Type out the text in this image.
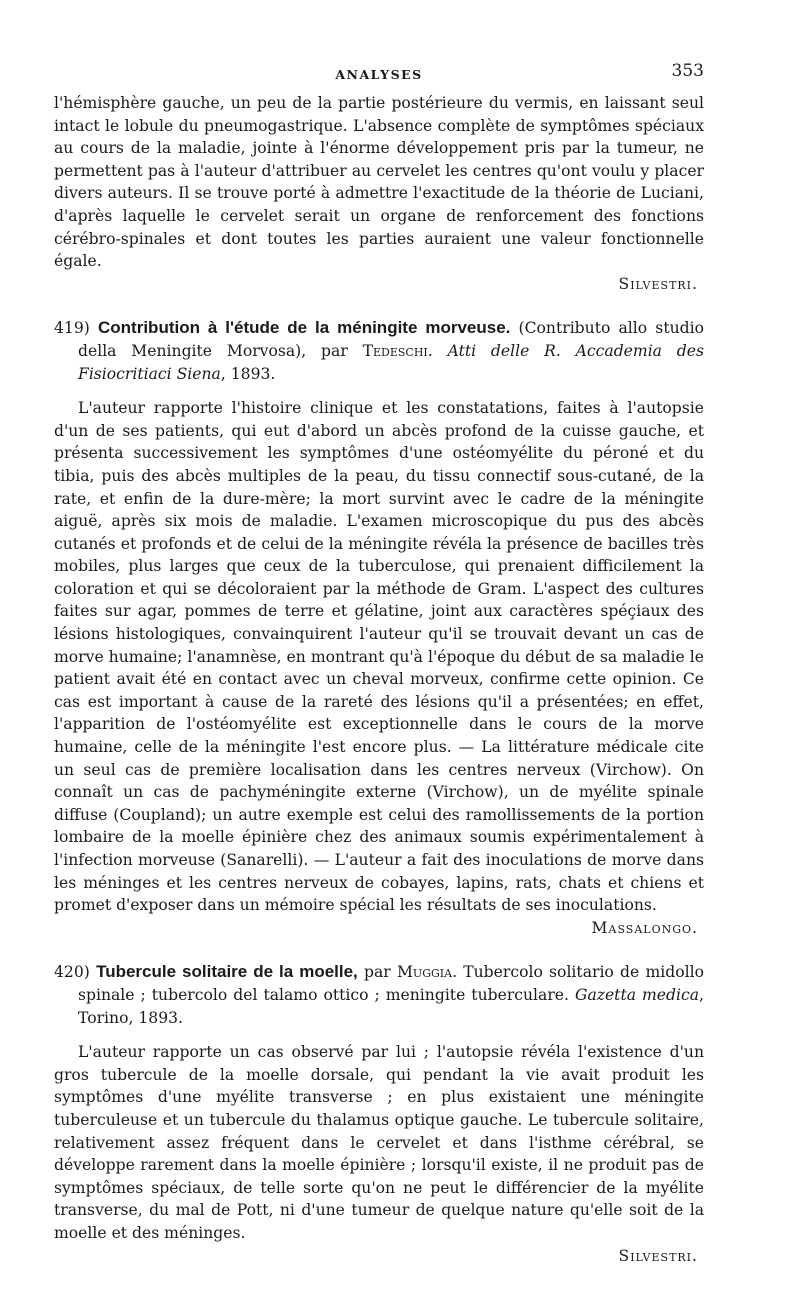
ANALYSES	353

l'hémisphère gauche, un peu de la partie postérieure du vermis, en laissant seul intact le lobule du pneumogastrique. L'absence complète de symptômes spéciaux au cours de la maladie, jointe à l'énorme développement pris par la tumeur, ne permettent pas à l'auteur d'attribuer au cervelet les centres qu'ont voulu y placer divers auteurs. Il se trouve porté à admettre l'exactitude de la théorie de Luciani, d'après laquelle le cervelet serait un organe de renforcement des fonctions cérébro-spinales et dont toutes les parties auraient une valeur fonctionnelle égale.

Silvestri.

419) Contribution à l'étude de la méningite morveuse. (Contributo allo studio della Meningite Morvosa), par Tedeschi. Atti delle R. Accademia des Fisiocritiaci Siena, 1893.

L'auteur rapporte l'histoire clinique et les constatations, faites à l'autopsie d'un de ses patients, qui eut d'abord un abcès profond de la cuisse gauche, et présenta successivement les symptômes d'une ostéomyélite du péroné et du tibia, puis des abcès multiples de la peau, du tissu connectif sous-cutané, de la rate, et enfin de la dure-mère; la mort survint avec le cadre de la méningite aiguë, après six mois de maladie. L'examen microscopique du pus des abcès cutanés et profonds et de celui de la méningite révéla la présence de bacilles très mobiles, plus larges que ceux de la tuberculose, qui prenaient difficilement la coloration et qui se décoloraient par la méthode de Gram. L'aspect des cultures faites sur agar, pommes de terre et gélatine, joint aux caractères spéçiaux des lésions histologiques, convainquirent l'auteur qu'il se trouvait devant un cas de morve humaine; l'anamnèse, en montrant qu'à l'époque du début de sa maladie le patient avait été en contact avec un cheval morveux, confirme cette opinion. Ce cas est important à cause de la rareté des lésions qu'il a présentées; en effet, l'apparition de l'ostéomyélite est exceptionnelle dans le cours de la morve humaine, celle de la méningite l'est encore plus. — La littérature médicale cite un seul cas de première localisation dans les centres nerveux (Virchow). On connaît un cas de pachyméningite externe (Virchow), un de myélite spinale diffuse (Coupland); un autre exemple est celui des ramollissements de la portion lombaire de la moelle épinière chez des animaux soumis expérimentalement à l'infection morveuse (Sanarelli). — L'auteur a fait des inoculations de morve dans les méninges et les centres nerveux de cobayes, lapins, rats, chats et chiens et promet d'exposer dans un mémoire spécial les résultats de ses inoculations.

Massalongo.

420) Tubercule solitaire de la moelle, par Muggia. Tubercolo solitario de midollo spinale ; tubercolo del talamo ottico ; meningite tuberculare. Gazetta medica, Torino, 1893.

L'auteur rapporte un cas observé par lui ; l'autopsie révéla l'existence d'un gros tubercule de la moelle dorsale, qui pendant la vie avait produit les symptômes d'une myélite transverse ; en plus existaient une méningite tuberculeuse et un tubercule du thalamus optique gauche. Le tubercule solitaire, relativement assez fréquent dans le cervelet et dans l'isthme cérébral, se développe rarement dans la moelle épinière ; lorsqu'il existe, il ne produit pas de symptômes spéciaux, de telle sorte qu'on ne peut le différencier de la myélite transverse, du mal de Pott, ni d'une tumeur de quelque nature qu'elle soit de la moelle et des méninges.

Silvestri.
